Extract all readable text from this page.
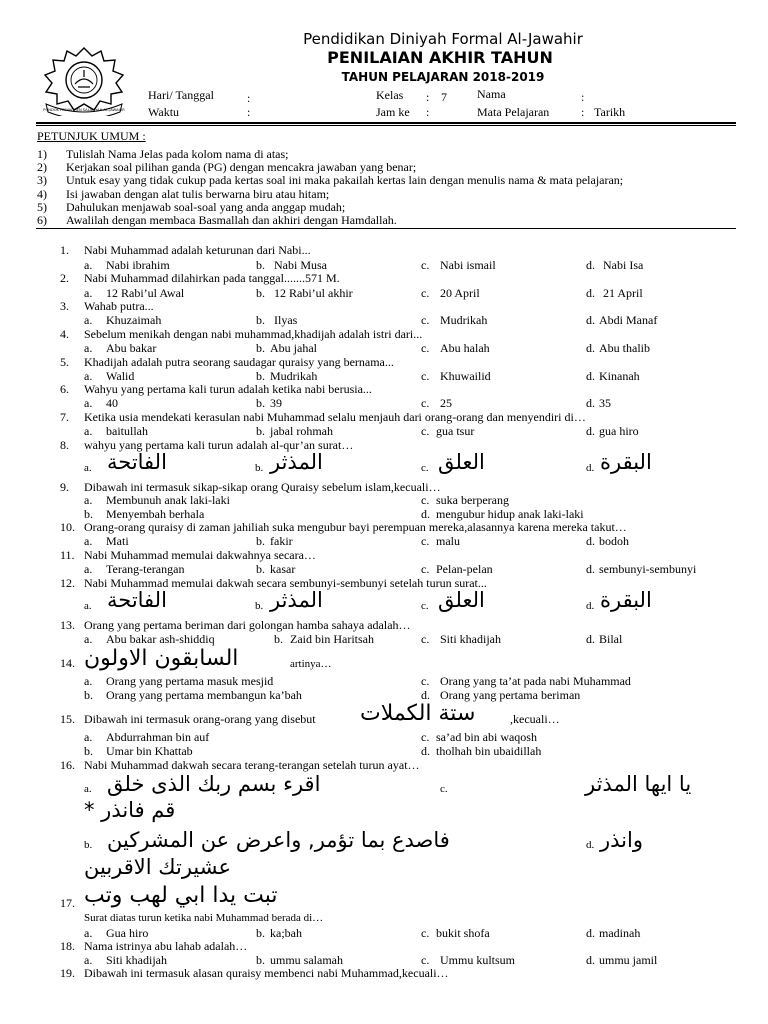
PONDOK PESANTREN SALAFIYAH AL-JAWAHIR
Pendidikan Diniyah Formal Al-Jawahir
PENILAIAN AKHIR TAHUN
TAHUN PELAJARAN 2018-2019
Hari/ Tanggal	:
Waktu	:
Kelas : 7
Jam ke :
Nama	:
Mata Pelajaran	: Tarikh
PETUNJUK UMUM :
1. Nabi Muhammad adalah keturunan dari Nabi...
a. Nabi ibrahim	b. Nabi Musa	c. Nabi ismail	d. Nabi Isa
2. Nabi Muhammad dilahirkan pada tanggal.......571 M.
a. 12 Rabi’ul Awal	b. 12 Rabi’ul akhir	c. 20 April	d. 21 April
3. Wahab putra...
a. Khuzaimah	b. Ilyas	c. Mudrikah	d. Abdi Manaf
4. Sebelum menikah dengan nabi muhammad,khadijah adalah istri dari...
a. Abu bakar	b. Abu jahal	c. Abu halah	d. Abu thalib
5. Khadijah adalah putra seorang saudagar quraisy yang bernama...
a. Walid	b. Mudrikah	c. Khuwailid	d. Kinanah
6. Wahyu yang pertama kali turun adalah ketika nabi berusia...
a. 40	b. 39	c. 25	d. 35
7. Ketika usia mendekati kerasulan nabi Muhammad selalu menjauh dari orang-orang dan menyendiri di…
a. baitullah	b. jabal rohmah	c. gua tsur	d. gua hiro
8. wahyu yang pertama kali turun adalah al-qur’an surat…
a. الفاتحة	b. المذثر	c. العلق	d. البقرة
9. Dibawah ini termasuk sikap-sikap orang Quraisy sebelum islam,kecuali…
a. Membunuh anak laki-laki
b. Menyembah berhala
c. suka berperang
d. mengubur hidup anak laki-laki
10. Orang-orang quraisy di zaman jahiliah suka mengubur bayi perempuan mereka,alasannya karena mereka takut…
a. Mati	b. fakir	c. malu	d. bodoh
11. Nabi Muhammad memulai dakwahnya secara…
a. Terang-terangan	b. kasar	c. Pelan-pelan	d. sembunyi-sembunyi
12. Nabi Muhammad memulai dakwah secara sembunyi-sembunyi setelah turun surat...
a. الفاتحة	b. المذثر	c. العلق	d. البقرة
13. Orang yang pertama beriman dari golongan hamba sahaya adalah…
a. Abu bakar ash-shiddiq	b. Zaid bin Haritsah	c. Siti khadijah	d. Bilal
14. السابقون الاولون	artinya…
a. Orang yang pertama masuk mesjid
b. Orang yang pertama membangun ka’bah
c. Orang yang ta’at pada nabi Muhammad
d. Orang yang pertama beriman
15. Dibawah ini termasuk orang-orang yang disebut ستة الكملات	,kecuali…
a. Abdurrahman bin auf
b. Umar bin Khattab
c. sa’ad bin abi waqosh
d. tholhah bin ubaidillah
16. Nabi Muhammad dakwah secara terang-terangan setelah turun ayat…
a. اقرء بسم ربك الذى خلق	c.	يا ايها المذثر
قم فانذر *
b. فاصدع بما تؤمر, واعرض عن المشركين	d. وانذر
عشيرتك الاقربين
17. تبت يدا ابي لهب وتب
Surat diatas turun ketika nabi Muhammad berada di…
a. Gua hiro	b. ka;bah	c. bukit shofa	d. madinah
18. Nama istrinya abu lahab adalah…
a. Siti khadijah	b. ummu salamah	c. Ummu kultsum	d. ummu jamil
19. Dibawah ini termasuk alasan quraisy membenci nabi Muhammad,kecuali…
1) Tulislah Nama Jelas pada kolom nama di atas;
2) Kerjakan soal pilihan ganda (PG) dengan mencakra jawaban yang benar;
3) Untuk esay yang tidak cukup pada kertas soal ini maka pakailah kertas lain dengan menulis nama & mata pelajaran;
4) Isi jawaban dengan alat tulis berwarna biru atau hitam;
5) Dahulukan menjawab soal-soal yang anda anggap mudah;
6) Awalilah dengan membaca Basmallah dan akhiri dengan Hamdallah.
